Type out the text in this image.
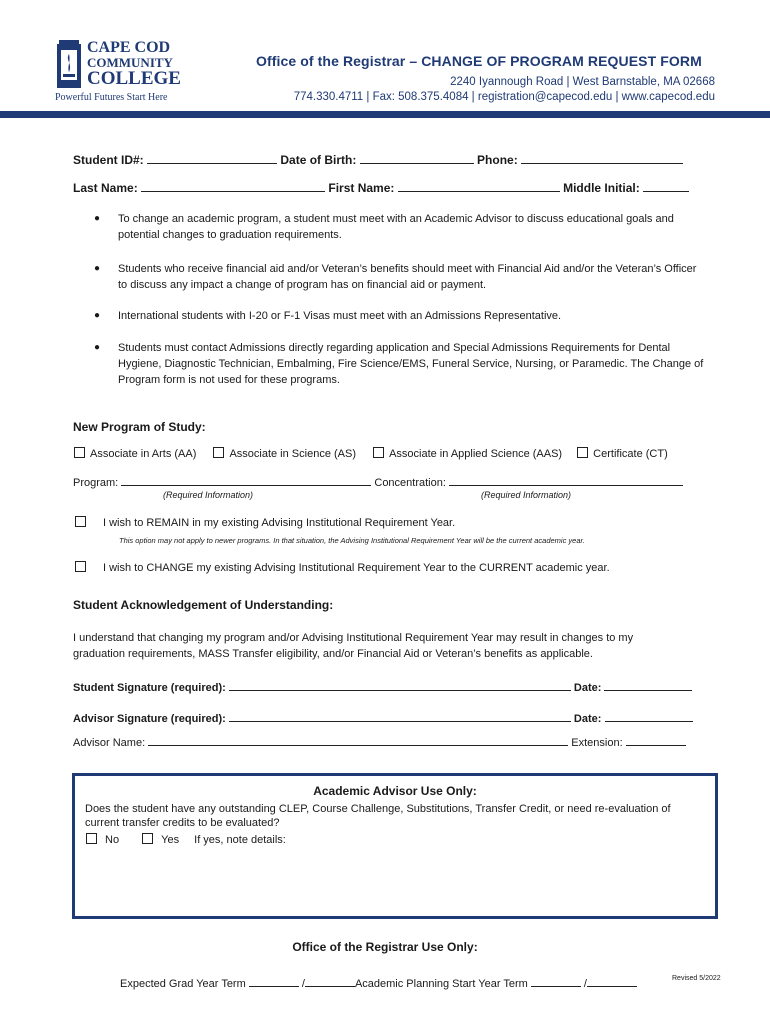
CAPE COD
COMMUNITY
COLLEGE
Powerful Futures Start Here
Office of the Registrar – CHANGE OF PROGRAM REQUEST FORM
2240 Iyannough Road | West Barnstable, MA 02668
774.330.4711 | Fax: 508.375.4084 | registration@capecod.edu | www.capecod.edu
Student ID#:	Date of Birth:	Phone:
Last Name:	First Name:	Middle Initial:
● To change an academic program, a student must meet with an Academic Advisor to discuss educational goals and potential changes to graduation requirements.
● Students who receive financial aid and/or Veteran’s benefits should meet with Financial Aid and/or the Veteran’s Officer to discuss any impact a change of program has on financial aid or payment.
● International students with I-20 or F-1 Visas must meet with an Admissions Representative.
● Students must contact Admissions directly regarding application and Special Admissions Requirements for Dental Hygiene, Diagnostic Technician, Embalming, Fire Science/EMS, Funeral Service, Nursing, or Paramedic. The Change of Program form is not used for these programs.
New Program of Study:
Associate in Arts (AA)	Associate in Science (AS)	Associate in Applied Science (AAS)	Certificate (CT)
Program:	Concentration:
(Required Information)	(Required Information)
I wish to REMAIN in my existing Advising Institutional Requirement Year.
This option may not apply to newer programs. In that situation, the Advising Institutional Requirement Year will be the current academic year.
I wish to CHANGE my existing Advising Institutional Requirement Year to the CURRENT academic year.
Student Acknowledgement of Understanding:
I understand that changing my program and/or Advising Institutional Requirement Year may result in changes to my graduation requirements, MASS Transfer eligibility, and/or Financial Aid or Veteran’s benefits as applicable.
Student Signature (required):	Date:
Advisor Signature (required):	Date:
Advisor Name:	Extension:
Academic Advisor Use Only:
Does the student have any outstanding CLEP, Course Challenge, Substitutions, Transfer Credit, or need re-evaluation of current transfer credits to be evaluated?
No	Yes If yes, note details:
Office of the Registrar Use Only:
Expected Grad Year Term	/	Academic Planning Start Year Term	/	Revised 5/2022
